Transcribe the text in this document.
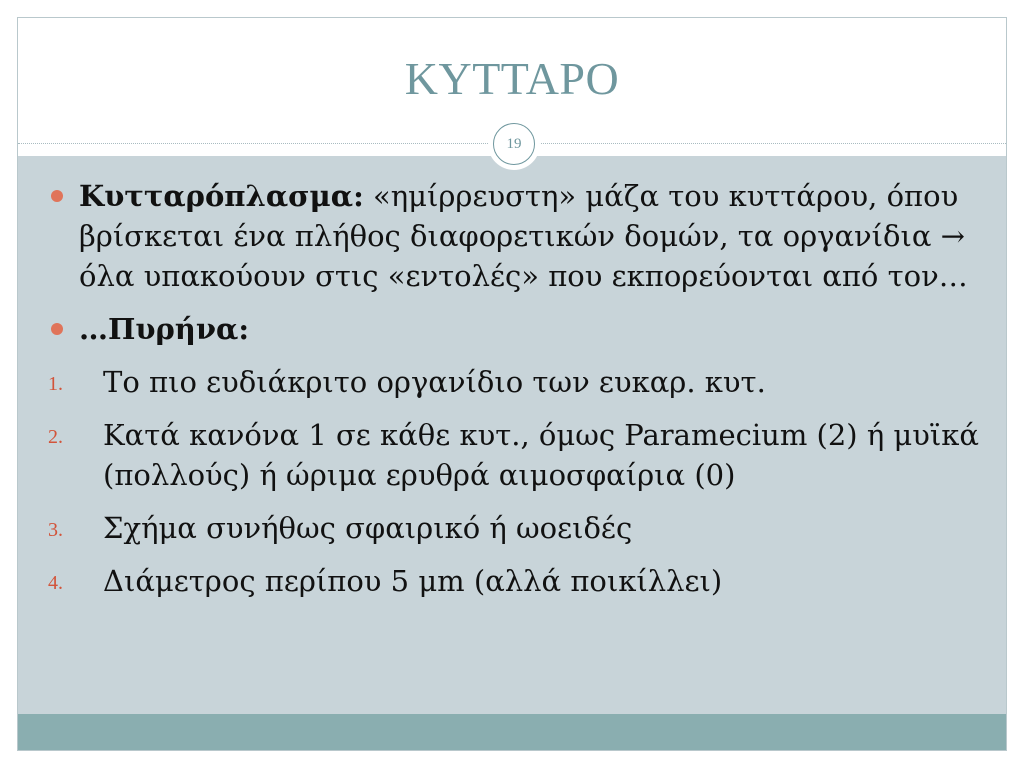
ΚΥΤΤΑΡΟ
19
Κυτταρόπλασμα: «ημίρρευστη» μάζα του κυττάρου, όπου βρίσκεται ένα πλήθος διαφορετικών δομών, τα οργανίδια → όλα υπακούουν στις «εντολές» που εκπορεύονται από τον…
…Πυρήνα:
1. Το πιο ευδιάκριτο οργανίδιο των ευκαρ. κυτ.
2. Κατά κανόνα 1 σε κάθε κυτ., όμως Paramecium (2) ή μυϊκά (πολλούς) ή ώριμα ερυθρά αιμοσφαίρια (0)
3. Σχήμα συνήθως σφαιρικό ή ωοειδές
4. Διάμετρος περίπου 5 μm (αλλά ποικίλλει)
